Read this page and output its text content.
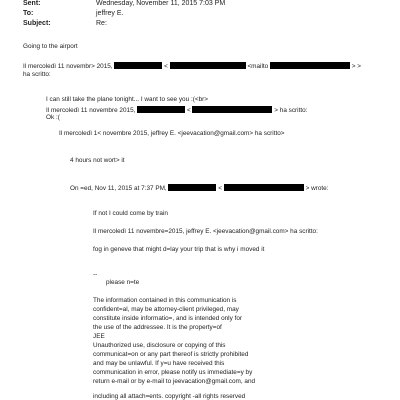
Sent:	Wednesday, November 11, 2015 7:03 PM
To:	jeffrey E.
Subject:	Re:
Going to the airport
Il mercoledì 11 novembr> 2015,	<	<mailto	> >
ha scritto:
I can still take the plane tonight... I want to see you :(<br>
Il mercoledì 11 novembre 2015,	<	> ha scritto:
Ok :(
Il mercoledì 1< novembre 2015, jeffrey E. <jeevacation@gmail.com> ha scritto>
4 hours not wort> it
On =ed, Nov 11, 2015 at 7:37 PM,	<	> wrote:
If not I could come by train
Il mercoledì 11 novembre=2015, jeffrey E. <jeevacation@gmail.com> ha scritto:
fog in geneve that might d=lay your trip that is why i moved it
--
please n=te
The information contained in this communication is
confident=al, may be attorney-client privileged, may
constitute inside informatio=, and is intended only for
the use of the addressee. It is the property=of
JEE
Unauthorized use, disclosure or copying of this
communicat=on or any part thereof is strictly prohibited
and may be unlawful. If y=u have received this
communication in error, please notify us immediate=y by
return e-mail or by e-mail to jeevacation@gmail.com, and
including all attach=ents. copyright -all rights reserved
